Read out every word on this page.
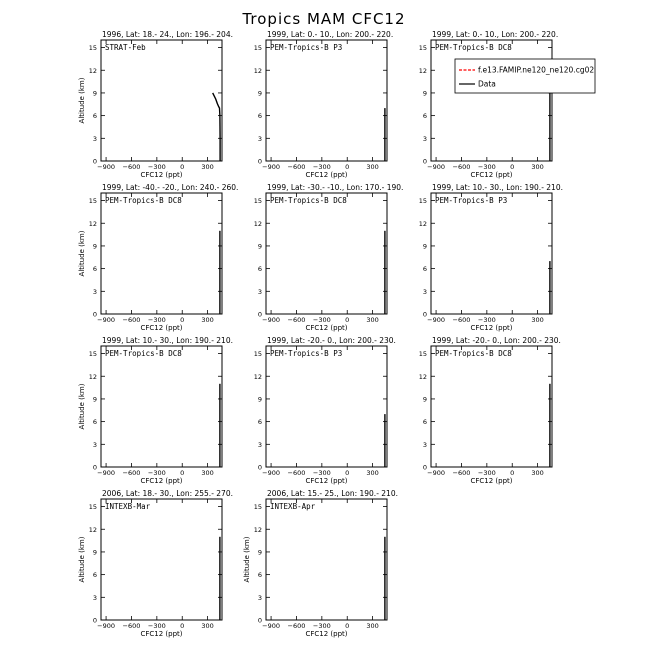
Tropics MAM CFC12
1996, Lat: 18.- 24., Lon: 196.- 204.
STRAT-Feb
−900 −600 −300 0	300
0
3
6
9
12
15
CFC12 (ppt)
Altitude (km)
1999, Lat: 0.- 10., Lon: 200.- 220.
PEM-Tropics-B P3
−900 −600 −300 0	300
0
3
6
9
12
15
CFC12 (ppt)
1999, Lat: 0.- 10., Lon: 200.- 220.
PEM-Tropics-B DC8
−900 −600 −300 0	300
0
3
6
9
12
15
CFC12 (ppt)
1999, Lat: -40.- -20., Lon: 240.- 260.
PEM-Tropics-B DC8
−900 −600 −300 0	300
0
3
6
9
12
15
CFC12 (ppt)
Altitude (km)
1999, Lat: -30.- -10., Lon: 170.- 190.
PEM-Tropics-B DC8
−900 −600 −300 0	300
0
3
6
9
12
15
CFC12 (ppt)
1999, Lat: 10.- 30., Lon: 190.- 210.
PEM-Tropics-B P3
−900 −600 −300 0	300
0
3
6
9
12
15
CFC12 (ppt)
1999, Lat: 10.- 30., Lon: 190.- 210.
PEM-Tropics-B DC8
−900 −600 −300 0	300
0
3
6
9
12
15
CFC12 (ppt)
Altitude (km)
1999, Lat: -20.- 0., Lon: 200.- 230.
PEM-Tropics-B P3
−900 −600 −300 0	300
0
3
6
9
12
15
CFC12 (ppt)
1999, Lat: -20.- 0., Lon: 200.- 230.
PEM-Tropics-B DC8
−900 −600 −300 0	300
0
3
6
9
12
15
CFC12 (ppt)
2006, Lat: 18.- 30., Lon: 255.- 270.
INTEXB-Mar
−900 −600 −300 0	300
0
3
6
9
12
15
CFC12 (ppt)
Altitude (km)
2006, Lat: 15.- 25., Lon: 190.- 210.
INTEXB-Apr
−900 −600 −300 0	300
0
3
6
9
12
15
CFC12 (ppt)
Altitude (km)
f.e13.FAMIP.ne120_ne120.cg02
Data
